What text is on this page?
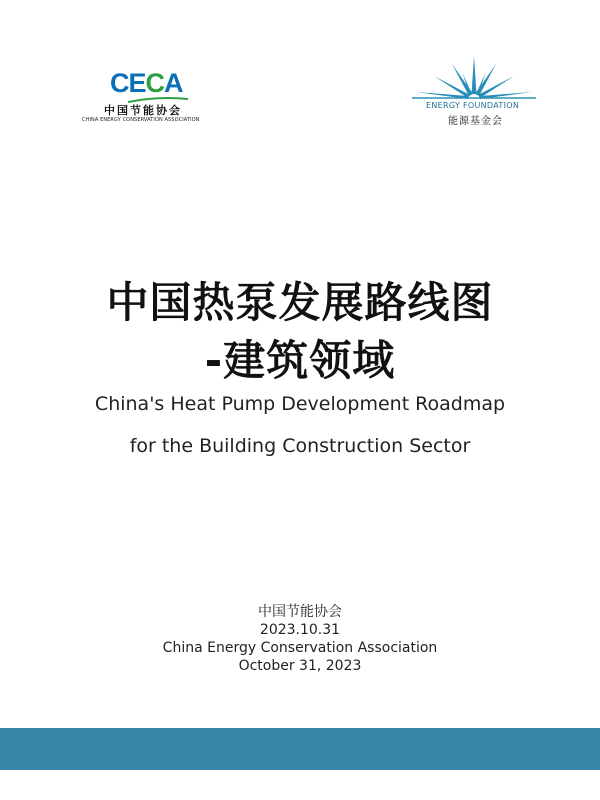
CECA
中国节能协会
CHINA ENERGY CONSERVATION ASSOCIATION
ENERGY FOUNDATION
能源基金会
中国热泵发展路线图
-建筑领域
China's Heat Pump Development Roadmap
for the Building Construction Sector
中国节能协会
2023.10.31
China Energy Conservation Association
October 31, 2023
